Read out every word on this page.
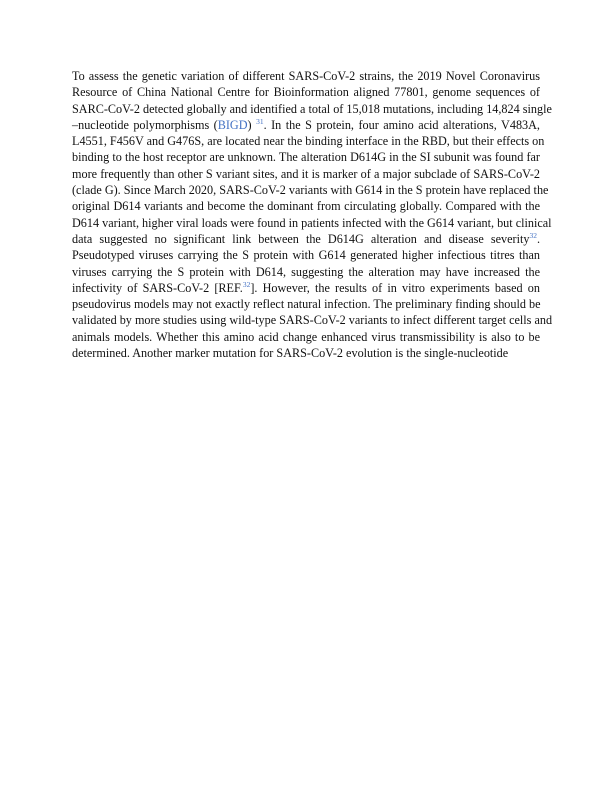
To assess the genetic variation of different SARS-CoV-2 strains, the 2019 Novel Coronavirus
Resource of China National Centre for Bioinformation aligned 77801, genome sequences of
SARC-CoV-2 detected globally and identified a total of 15,018 mutations, including 14,824 single
–nucleotide polymorphisms (BIGD) $^{31}$. In the S protein, four amino acid alterations, V483A,
L4551, F456V and G476S, are located near the binding interface in the RBD, but their effects on
binding to the host receptor are unknown. The alteration D614G in the SI subunit was found far
more frequently than other S variant sites, and it is marker of a major subclade of SARS-CoV-2
(clade G). Since March 2020, SARS-CoV-2 variants with G614 in the S protein have replaced the
original D614 variants and become the dominant from circulating globally. Compared with the
D614 variant, higher viral loads were found in patients infected with the G614 variant, but clinical
data suggested no significant link between the D614G alteration and disease severity$^{32}$.
Pseudotyped viruses carrying the S protein with G614 generated higher infectious titres than
viruses carrying the S protein with D614, suggesting the alteration may have increased the
infectivity of SARS-CoV-2 [REF.$^{32}$]. However, the results of in vitro experiments based on
pseudovirus models may not exactly reflect natural infection. The preliminary finding should be
validated by more studies using wild-type SARS-CoV-2 variants to infect different target cells and
animals models. Whether this amino acid change enhanced virus transmissibility is also to be
determined. Another marker mutation for SARS-CoV-2 evolution is the single-nucleotide
